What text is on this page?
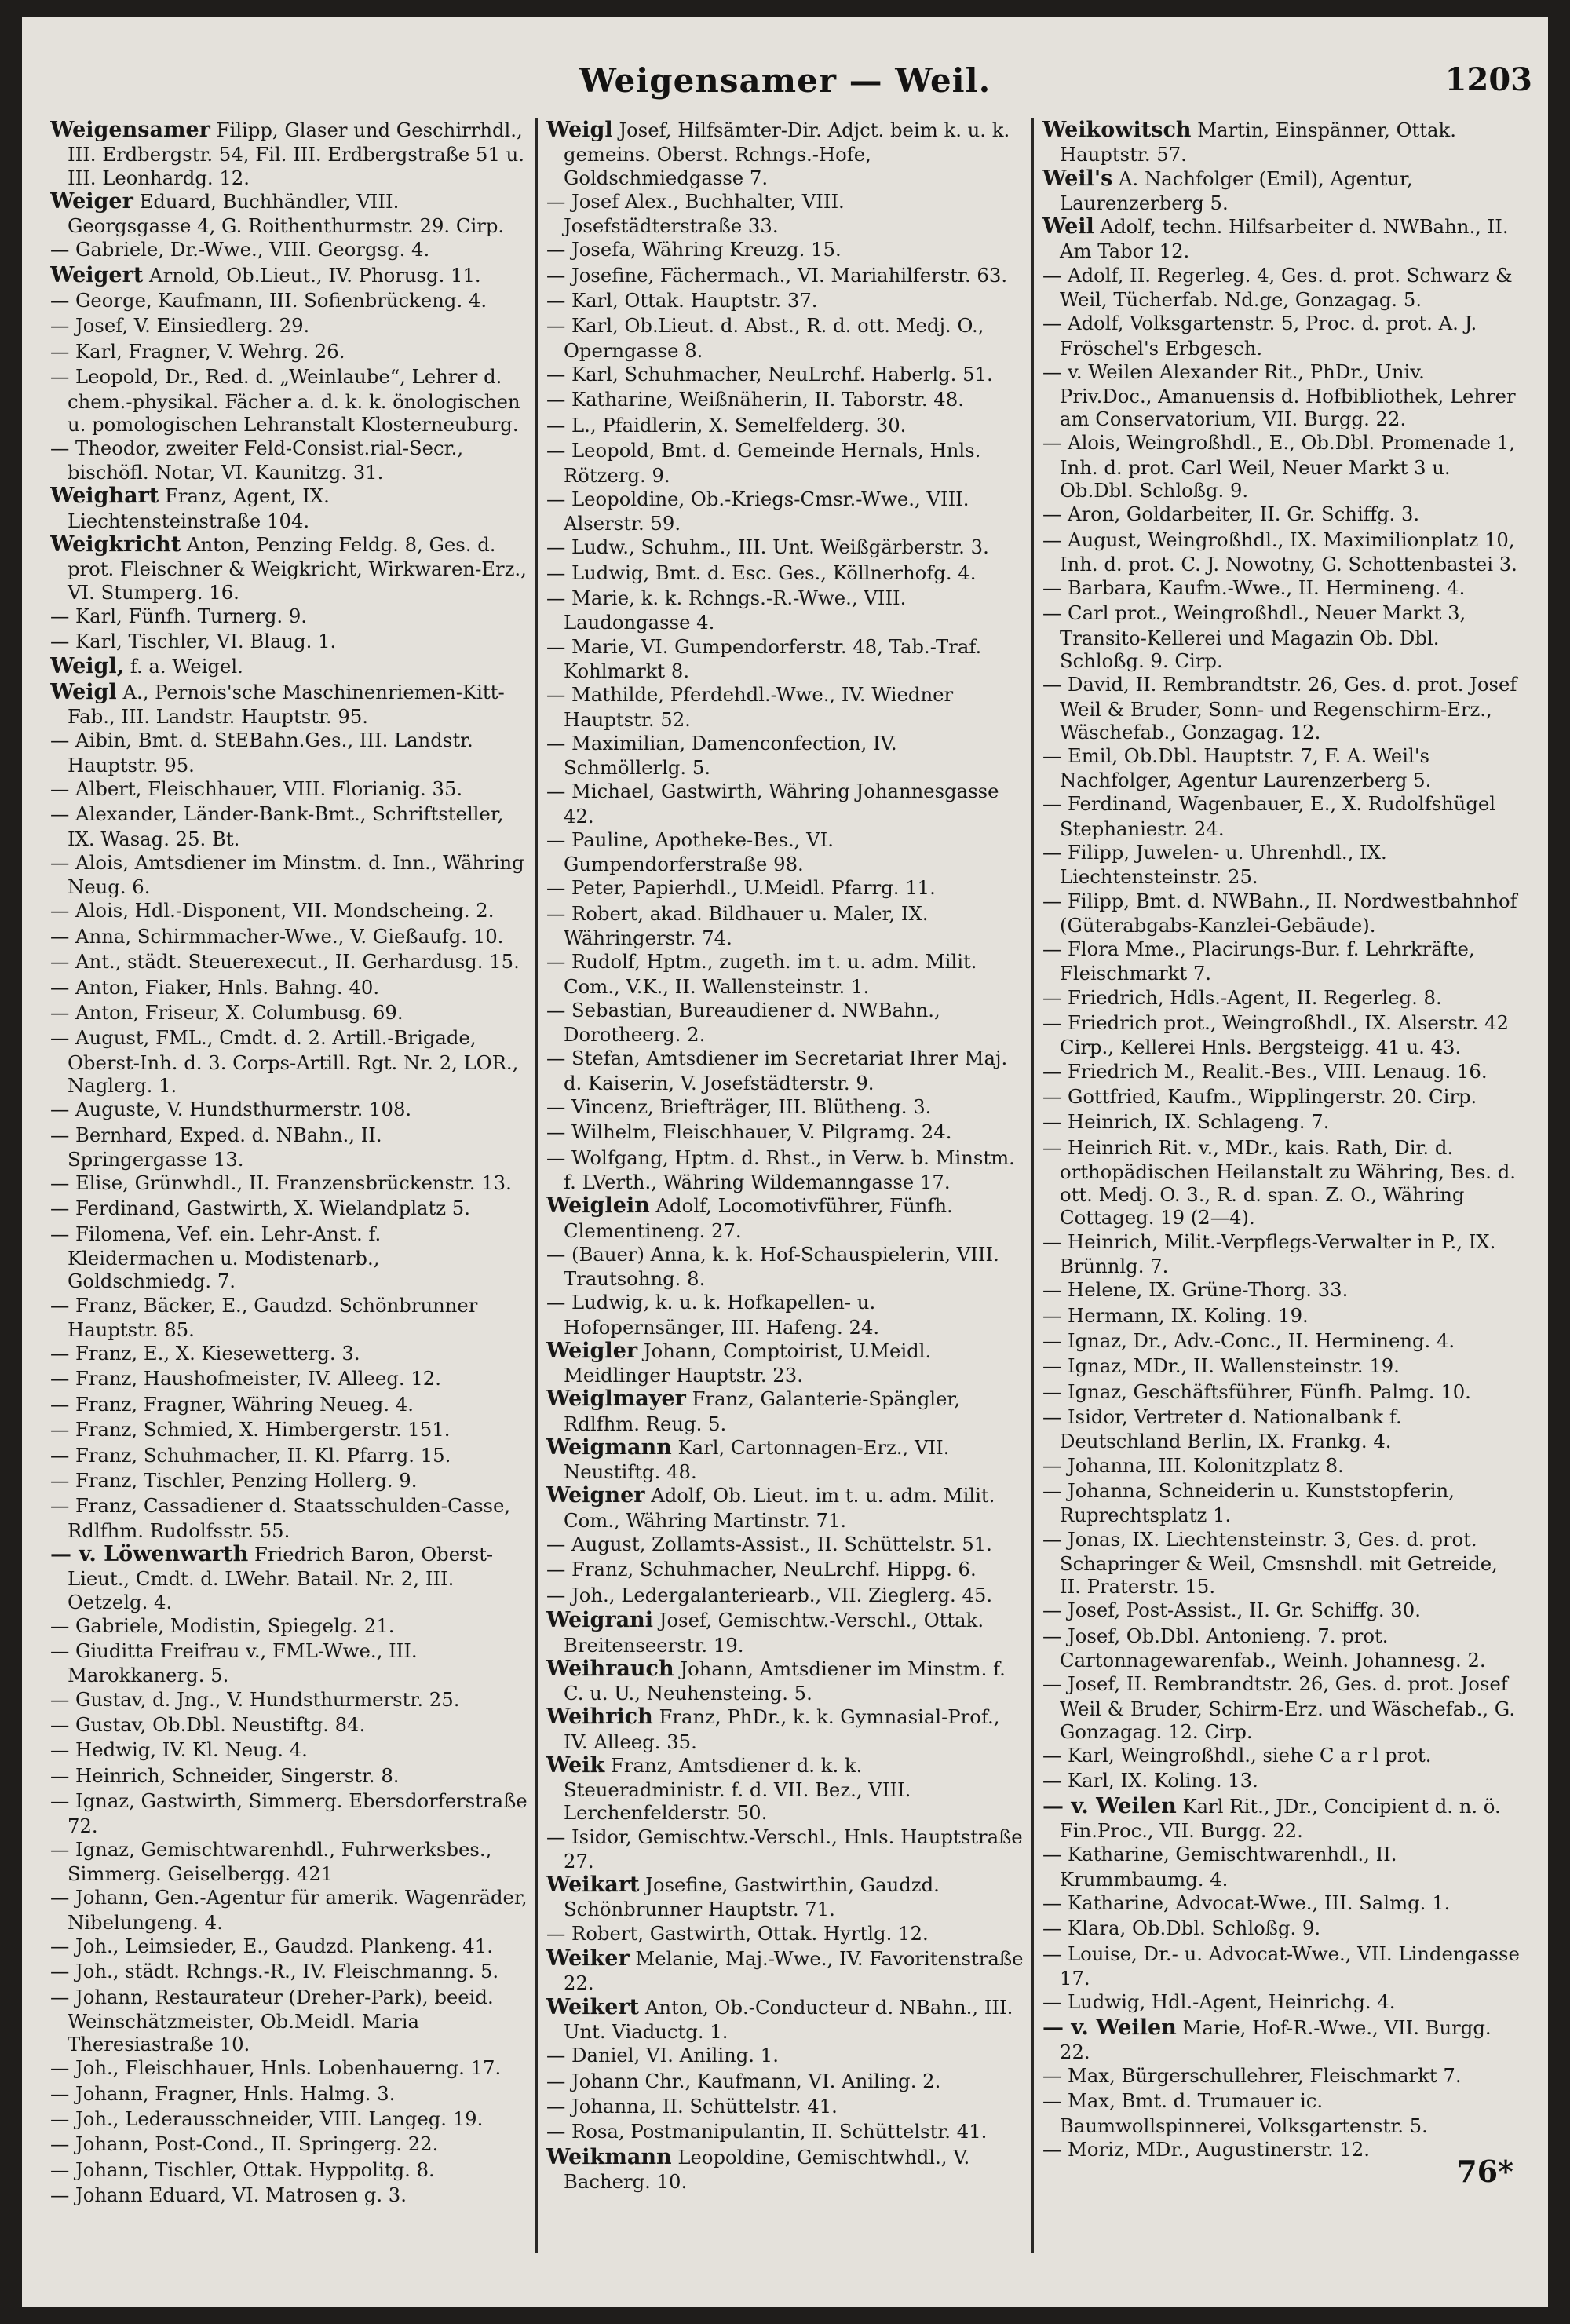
Weigensamer — Weil.	1203

Weigensamer Filipp, Glaser und Geschirrhdl., III. Erdbergstr. 54, Fil. III. Erdbergstraße 51 u. III. Leonhardg. 12.

Weiger Eduard, Buchhändler, VIII. Georgsgasse 4, G. Roithenthurmstr. 29. Cirp.

— Gabriele, Dr.-Wwe., VIII. Georgsg. 4.

Weigert Arnold, Ob.Lieut., IV. Phorusg. 11.

— George, Kaufmann, III. Sofienbrückeng. 4.

— Josef, V. Einsiedlerg. 29.

— Karl, Fragner, V. Wehrg. 26.

— Leopold, Dr., Red. d. „Weinlaube“, Lehrer d. chem.-physikal. Fächer a. d. k. k. önologischen u. pomologischen Lehranstalt Klosterneuburg.

— Theodor, zweiter Feld-Consist.rial-Secr., bischöfl. Notar, VI. Kaunitzg. 31.

Weighart Franz, Agent, IX. Liechtensteinstraße 104.

Weigkricht Anton, Penzing Feldg. 8, Ges. d. prot. Fleischner & Weigkricht, Wirkwaren-Erz., VI. Stumperg. 16.

— Karl, Fünfh. Turnerg. 9.

— Karl, Tischler, VI. Blaug. 1.

Weigl, f. a. Weigel.

Weigl A., Pernois'sche Maschinenriemen-Kitt-Fab., III. Landstr. Hauptstr. 95.

— Aibin, Bmt. d. StEBahn.Ges., III. Landstr. Hauptstr. 95.

— Albert, Fleischhauer, VIII. Florianig. 35.

— Alexander, Länder-Bank-Bmt., Schriftsteller, IX. Wasag. 25. Bt.

— Alois, Amtsdiener im Minstm. d. Inn., Währing Neug. 6.

— Alois, Hdl.-Disponent, VII. Mondscheing. 2.

— Anna, Schirmmacher-Wwe., V. Gießaufg. 10.

— Ant., städt. Steuerexecut., II. Gerhardusg. 15.

— Anton, Fiaker, Hnls. Bahng. 40.

— Anton, Friseur, X. Columbusg. 69.

— August, FML., Cmdt. d. 2. Artill.-Brigade, Oberst-Inh. d. 3. Corps-Artill. Rgt. Nr. 2, LOR., Naglerg. 1.

— Auguste, V. Hundsthurmerstr. 108.

— Bernhard, Exped. d. NBahn., II. Springergasse 13.

— Elise, Grünwhdl., II. Franzensbrückenstr. 13.

— Ferdinand, Gastwirth, X. Wielandplatz 5.

— Filomena, Vef. ein. Lehr-Anst. f. Kleidermachen u. Modistenarb., Goldschmiedg. 7.

— Franz, Bäcker, E., Gaudzd. Schönbrunner Hauptstr. 85.

— Franz, E., X. Kiesewetterg. 3.

— Franz, Haushofmeister, IV. Alleeg. 12.

— Franz, Fragner, Währing Neueg. 4.

— Franz, Schmied, X. Himbergerstr. 151.

— Franz, Schuhmacher, II. Kl. Pfarrg. 15.

— Franz, Tischler, Penzing Hollerg. 9.

— Franz, Cassadiener d. Staatsschulden-Casse, Rdlfhm. Rudolfsstr. 55.

— v. Löwenwarth Friedrich Baron, Oberst-Lieut., Cmdt. d. LWehr. Batail. Nr. 2, III. Oetzelg. 4.

— Gabriele, Modistin, Spiegelg. 21.

— Giuditta Freifrau v., FML-Wwe., III. Marokkanerg. 5.

— Gustav, d. Jng., V. Hundsthurmerstr. 25.

— Gustav, Ob.Dbl. Neustiftg. 84.

— Hedwig, IV. Kl. Neug. 4.

— Heinrich, Schneider, Singerstr. 8.

— Ignaz, Gastwirth, Simmerg. Ebersdorferstraße 72.

— Ignaz, Gemischtwarenhdl., Fuhrwerksbes., Simmerg. Geiselbergg. 421

— Johann, Gen.-Agentur für amerik. Wagenräder, Nibelungeng. 4.

— Joh., Leimsieder, E., Gaudzd. Plankeng. 41.

— Joh., städt. Rchngs.-R., IV. Fleischmanng. 5.

— Johann, Restaurateur (Dreher-Park), beeid. Weinschätzmeister, Ob.Meidl. Maria Theresiastraße 10.

— Joh., Fleischhauer, Hnls. Lobenhauerng. 17.

— Johann, Fragner, Hnls. Halmg. 3.

— Joh., Lederausschneider, VIII. Langeg. 19.

— Johann, Post-Cond., II. Springerg. 22.

— Johann, Tischler, Ottak. Hyppolitg. 8.

— Johann Eduard, VI. Matrosen g. 3.

Weigl Josef, Hilfsämter-Dir. Adjct. beim k. u. k. gemeins. Oberst. Rchngs.-Hofe, Goldschmiedgasse 7.

— Josef Alex., Buchhalter, VIII. Josefstädterstraße 33.

— Josefa, Währing Kreuzg. 15.

— Josefine, Fächermach., VI. Mariahilferstr. 63.

— Karl, Ottak. Hauptstr. 37.

— Karl, Ob.Lieut. d. Abst., R. d. ott. Medj. O., Operngasse 8.

— Karl, Schuhmacher, NeuLrchf. Haberlg. 51.

— Katharine, Weißnäherin, II. Taborstr. 48.

— L., Pfaidlerin, X. Semelfelderg. 30.

— Leopold, Bmt. d. Gemeinde Hernals, Hnls. Rötzerg. 9.

— Leopoldine, Ob.-Kriegs-Cmsr.-Wwe., VIII. Alserstr. 59.

— Ludw., Schuhm., III. Unt. Weißgärberstr. 3.

— Ludwig, Bmt. d. Esc. Ges., Köllnerhofg. 4.

— Marie, k. k. Rchngs.-R.-Wwe., VIII. Laudongasse 4.

— Marie, VI. Gumpendorferstr. 48, Tab.-Traf. Kohlmarkt 8.

— Mathilde, Pferdehdl.-Wwe., IV. Wiedner Hauptstr. 52.

— Maximilian, Damenconfection, IV. Schmöllerlg. 5.

— Michael, Gastwirth, Währing Johannesgasse 42.

— Pauline, Apotheke-Bes., VI. Gumpendorferstraße 98.

— Peter, Papierhdl., U.Meidl. Pfarrg. 11.

— Robert, akad. Bildhauer u. Maler, IX. Währingerstr. 74.

— Rudolf, Hptm., zugeth. im t. u. adm. Milit. Com., V.K., II. Wallensteinstr. 1.

— Sebastian, Bureaudiener d. NWBahn., Dorotheerg. 2.

— Stefan, Amtsdiener im Secretariat Ihrer Maj. d. Kaiserin, V. Josefstädterstr. 9.

— Vincenz, Briefträger, III. Blütheng. 3.

— Wilhelm, Fleischhauer, V. Pilgramg. 24.

— Wolfgang, Hptm. d. Rhst., in Verw. b. Minstm. f. LVerth., Währing Wildemanngasse 17.

Weiglein Adolf, Locomotivführer, Fünfh. Clementineng. 27.

— (Bauer) Anna, k. k. Hof-Schauspielerin, VIII. Trautsohng. 8.

— Ludwig, k. u. k. Hofkapellen- u. Hofopernsänger, III. Hafeng. 24.

Weigler Johann, Comptoirist, U.Meidl. Meidlinger Hauptstr. 23.

Weiglmayer Franz, Galanterie-Spängler, Rdlfhm. Reug. 5.

Weigmann Karl, Cartonnagen-Erz., VII. Neustiftg. 48.

Weigner Adolf, Ob. Lieut. im t. u. adm. Milit. Com., Währing Martinstr. 71.

— August, Zollamts-Assist., II. Schüttelstr. 51.

— Franz, Schuhmacher, NeuLrchf. Hippg. 6.

— Joh., Ledergalanteriearb., VII. Zieglerg. 45.

Weigrani Josef, Gemischtw.-Verschl., Ottak. Breitenseerstr. 19.

Weihrauch Johann, Amtsdiener im Minstm. f. C. u. U., Neuhensteing. 5.

Weihrich Franz, PhDr., k. k. Gymnasial-Prof., IV. Alleeg. 35.

Weik Franz, Amtsdiener d. k. k. Steueradministr. f. d. VII. Bez., VIII. Lerchenfelderstr. 50.

— Isidor, Gemischtw.-Verschl., Hnls. Hauptstraße 27.

Weikart Josefine, Gastwirthin, Gaudzd. Schönbrunner Hauptstr. 71.

— Robert, Gastwirth, Ottak. Hyrtlg. 12.

Weiker Melanie, Maj.-Wwe., IV. Favoritenstraße 22.

Weikert Anton, Ob.-Conducteur d. NBahn., III. Unt. Viaductg. 1.

— Daniel, VI. Aniling. 1.

— Johann Chr., Kaufmann, VI. Aniling. 2.

— Johanna, II. Schüttelstr. 41.

— Rosa, Postmanipulantin, II. Schüttelstr. 41.

Weikmann Leopoldine, Gemischtwhdl., V. Bacherg. 10.

Weikowitsch Martin, Einspänner, Ottak. Hauptstr. 57.

Weil's A. Nachfolger (Emil), Agentur, Laurenzerberg 5.

Weil Adolf, techn. Hilfsarbeiter d. NWBahn., II. Am Tabor 12.

— Adolf, II. Regerleg. 4, Ges. d. prot. Schwarz & Weil, Tücherfab. Nd.ge, Gonzagag. 5.

— Adolf, Volksgartenstr. 5, Proc. d. prot. A. J. Fröschel's Erbgesch.

— v. Weilen Alexander Rit., PhDr., Univ. Priv.Doc., Amanuensis d. Hofbibliothek, Lehrer am Conservatorium, VII. Burgg. 22.

— Alois, Weingroßhdl., E., Ob.Dbl. Promenade 1, Inh. d. prot. Carl Weil, Neuer Markt 3 u. Ob.Dbl. Schloßg. 9.

— Aron, Goldarbeiter, II. Gr. Schiffg. 3.

— August, Weingroßhdl., IX. Maximilionplatz 10, Inh. d. prot. C. J. Nowotny, G. Schottenbastei 3.

— Barbara, Kaufm.-Wwe., II. Hermineng. 4.

— Carl prot., Weingroßhdl., Neuer Markt 3, Transito-Kellerei und Magazin Ob. Dbl. Schloßg. 9. Cirp.

— David, II. Rembrandtstr. 26, Ges. d. prot. Josef Weil & Bruder, Sonn- und Regenschirm-Erz., Wäschefab., Gonzagag. 12.

— Emil, Ob.Dbl. Hauptstr. 7, F. A. Weil's Nachfolger, Agentur Laurenzerberg 5.

— Ferdinand, Wagenbauer, E., X. Rudolfshügel Stephaniestr. 24.

— Filipp, Juwelen- u. Uhrenhdl., IX. Liechtensteinstr. 25.

— Filipp, Bmt. d. NWBahn., II. Nordwestbahnhof (Güterabgabs-Kanzlei-Gebäude).

— Flora Mme., Placirungs-Bur. f. Lehrkräfte, Fleischmarkt 7.

— Friedrich, Hdls.-Agent, II. Regerleg. 8.

— Friedrich prot., Weingroßhdl., IX. Alserstr. 42 Cirp., Kellerei Hnls. Bergsteigg. 41 u. 43.

— Friedrich M., Realit.-Bes., VIII. Lenaug. 16.

— Gottfried, Kaufm., Wipplingerstr. 20. Cirp.

— Heinrich, IX. Schlageng. 7.

— Heinrich Rit. v., MDr., kais. Rath, Dir. d. orthopädischen Heilanstalt zu Währing, Bes. d. ott. Medj. O. 3., R. d. span. Z. O., Währing Cottageg. 19 (2—4).

— Heinrich, Milit.-Verpflegs-Verwalter in P., IX. Brünnlg. 7.

— Helene, IX. Grüne-Thorg. 33.

— Hermann, IX. Koling. 19.

— Ignaz, Dr., Adv.-Conc., II. Hermineng. 4.

— Ignaz, MDr., II. Wallensteinstr. 19.

— Ignaz, Geschäftsführer, Fünfh. Palmg. 10.

— Isidor, Vertreter d. Nationalbank f. Deutschland Berlin, IX. Frankg. 4.

— Johanna, III. Kolonitzplatz 8.

— Johanna, Schneiderin u. Kunststopferin, Ruprechtsplatz 1.

— Jonas, IX. Liechtensteinstr. 3, Ges. d. prot. Schapringer & Weil, Cmsnshdl. mit Getreide, II. Praterstr. 15.

— Josef, Post-Assist., II. Gr. Schiffg. 30.

— Josef, Ob.Dbl. Antonieng. 7. prot. Cartonnagewarenfab., Weinh. Johannesg. 2.

— Josef, II. Rembrandtstr. 26, Ges. d. prot. Josef Weil & Bruder, Schirm-Erz. und Wäschefab., G. Gonzagag. 12. Cirp.

— Karl, Weingroßhdl., siehe C a r l prot.

— Karl, IX. Koling. 13.

— v. Weilen Karl Rit., JDr., Concipient d. n. ö. Fin.Proc., VII. Burgg. 22.

— Katharine, Gemischtwarenhdl., II. Krummbaumg. 4.

— Katharine, Advocat-Wwe., III. Salmg. 1.

— Klara, Ob.Dbl. Schloßg. 9.

— Louise, Dr.- u. Advocat-Wwe., VII. Lindengasse 17.

— Ludwig, Hdl.-Agent, Heinrichg. 4.

— v. Weilen Marie, Hof-R.-Wwe., VII. Burgg. 22.

— Max, Bürgerschullehrer, Fleischmarkt 7.

— Max, Bmt. d. Trumauer ic. Baumwollspinnerei, Volksgartenstr. 5.

— Moriz, MDr., Augustinerstr. 12.

76*
